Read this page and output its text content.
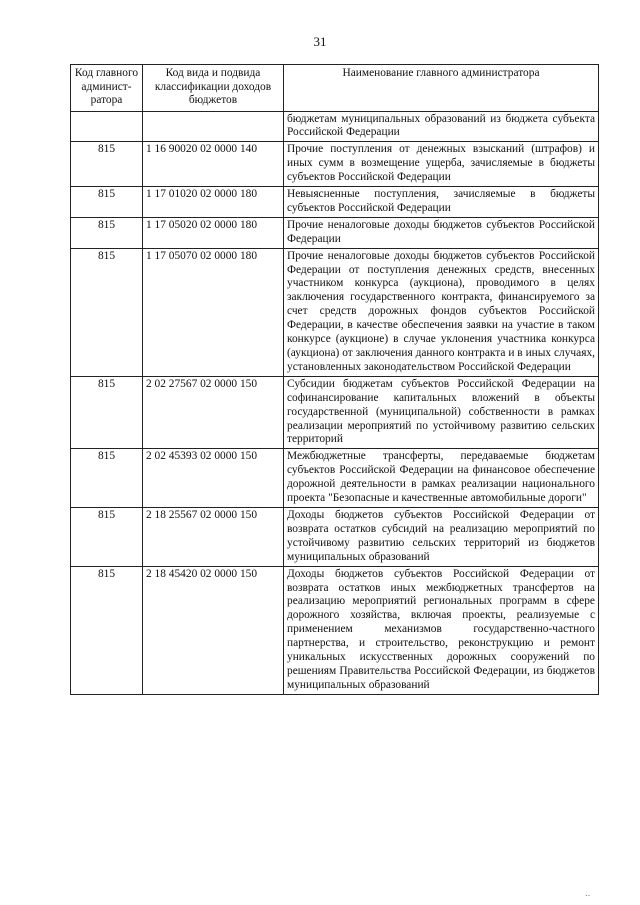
31
Код главного админист-ратора	Код вида и подвида классификации доходов бюджетов	Наименование главного администратора
		бюджетам муниципальных образований из бюджета субъекта Российской Федерации
815	1 16 90020 02 0000 140	Прочие поступления от денежных взысканий (штрафов) и иных сумм в возмещение ущерба, зачисляемые в бюджеты субъектов Российской Федерации
815	1 17 01020 02 0000 180	Невыясненные поступления, зачисляемые в бюджеты субъектов Российской Федерации
815	1 17 05020 02 0000 180	Прочие неналоговые доходы бюджетов субъектов Российской Федерации
815	1 17 05070 02 0000 180	Прочие неналоговые доходы бюджетов субъектов Российской Федерации от поступления денежных средств, внесенных участником конкурса (аукциона), проводимого в целях заключения государственного контракта, финансируемого за счет средств дорожных фондов субъектов Российской Федерации, в качестве обеспечения заявки на участие в таком конкурсе (аукционе) в случае уклонения участника конкурса (аукциона) от заключения данного контракта и в иных случаях, установленных законодательством Российской Федерации
815	2 02 27567 02 0000 150	Субсидии бюджетам субъектов Российской Федерации на софинансирование капитальных вложений в объекты государственной (муниципальной) собственности в рамках реализации мероприятий по устойчивому развитию сельских территорий
815	2 02 45393 02 0000 150	Межбюджетные трансферты, передаваемые бюджетам субъектов Российской Федерации на финансовое обеспечение дорожной деятельности в рамках реализации национального проекта "Безопасные и качественные автомобильные дороги"
815	2 18 25567 02 0000 150	Доходы бюджетов субъектов Российской Федерации от возврата остатков субсидий на реализацию мероприятий по устойчивому развитию сельских территорий из бюджетов муниципальных образований
815	2 18 45420 02 0000 150	Доходы бюджетов субъектов Российской Федерации от возврата остатков иных межбюджетных трансфертов на реализацию мероприятий региональных программ в сфере дорожного хозяйства, включая проекты, реализуемые с применением механизмов государственно-частного партнерства, и строительство, реконструкцию и ремонт уникальных искусственных дорожных сооружений по решениям Правительства Российской Федерации, из бюджетов муниципальных образований
‥
